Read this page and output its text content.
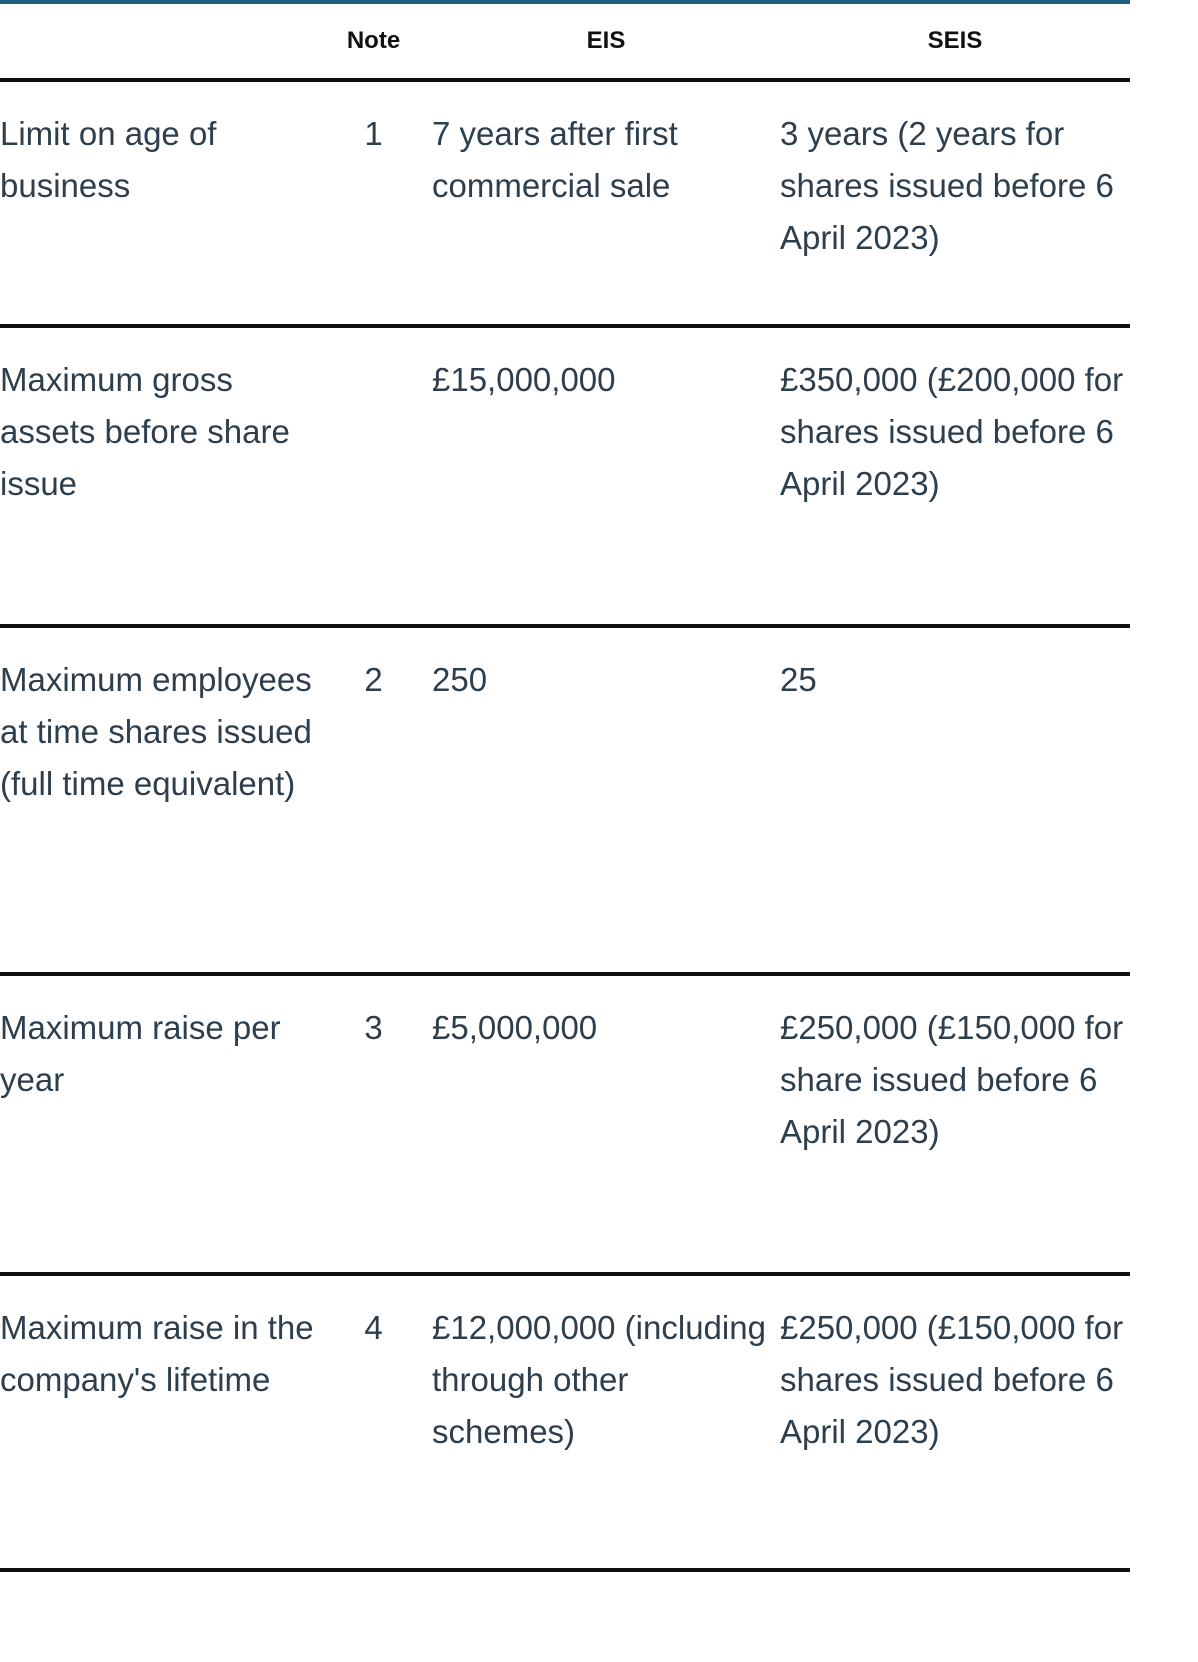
	Note	EIS	SEIS
Limit on age of business	1	7 years after first commercial sale	3 years (2 years for shares issued before 6 April 2023)
Maximum gross assets before share issue		£15,000,000	£350,000 (£200,000 for shares issued before 6 April 2023)
Maximum employees at time shares issued (full time equivalent)	2	250	25
Maximum raise per year	3	£5,000,000	£250,000 (£150,000 for share issued before 6 April 2023)
Maximum raise in the company's lifetime	4	£12,000,000 (including through other schemes)	£250,000 (£150,000 for shares issued before 6 April 2023)
